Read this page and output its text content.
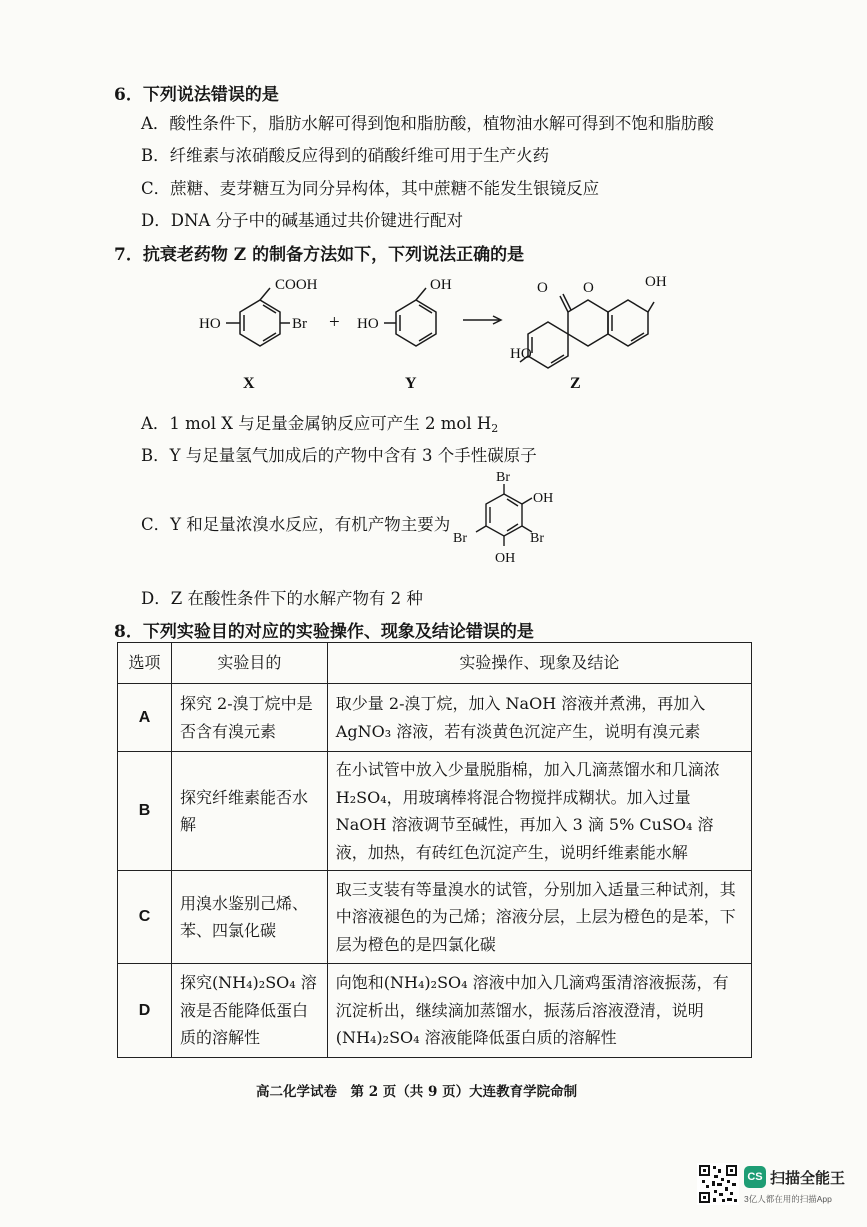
6．下列说法错误的是
A．酸性条件下，脂肪水解可得到饱和脂肪酸，植物油水解可得到不饱和脂肪酸
B．纤维素与浓硝酸反应得到的硝酸纤维可用于生产火药
C．蔗糖、麦芽糖互为同分异构体，其中蔗糖不能发生银镜反应
D．DNA 分子中的碱基通过共价键进行配对
7．抗衰老药物 Z 的制备方法如下，下列说法正确的是
COOH
HO	Br +
OH
HO
O O	OH
HO
X	Y	Z
A．1 mol X 与足量金属钠反应可产生 2 mol $H_2$
B．Y 与足量氢气加成后的产物中含有 3 个手性碳原子
C．Y 和足量浓溴水反应，有机产物主要为
Br
OH
Br	Br
OH
D．Z 在酸性条件下的水解产物有 2 种
8．下列实验目的对应的实验操作、现象及结论错误的是
选项	实验目的	实验操作、现象及结论
A	探究 2-溴丁烷中是否含有溴元素	取少量 2-溴丁烷，加入 NaOH 溶液并煮沸，再加入 AgNO₃ 溶液，若有淡黄色沉淀产生，说明有溴元素
B	探究纤维素能否水解	在小试管中放入少量脱脂棉，加入几滴蒸馏水和几滴浓 H₂SO₄，用玻璃棒将混合物搅拌成糊状。加入过量 NaOH 溶液调节至碱性，再加入 3 滴 5% CuSO₄ 溶液，加热，有砖红色沉淀产生，说明纤维素能水解
C	用溴水鉴别己烯、苯、四氯化碳	取三支装有等量溴水的试管，分别加入适量三种试剂，其中溶液褪色的为己烯；溶液分层，上层为橙色的是苯，下层为橙色的是四氯化碳
D	探究(NH₄)₂SO₄ 溶液是否能降低蛋白质的溶解性	向饱和(NH₄)₂SO₄ 溶液中加入几滴鸡蛋清溶液振荡，有沉淀析出，继续滴加蒸馏水，振荡后溶液澄清，说明(NH₄)₂SO₄ 溶液能降低蛋白质的溶解性
高二化学试卷　第 2 页（共 9 页）大连教育学院命制
CS 扫描全能王
3亿人都在用的扫描App
